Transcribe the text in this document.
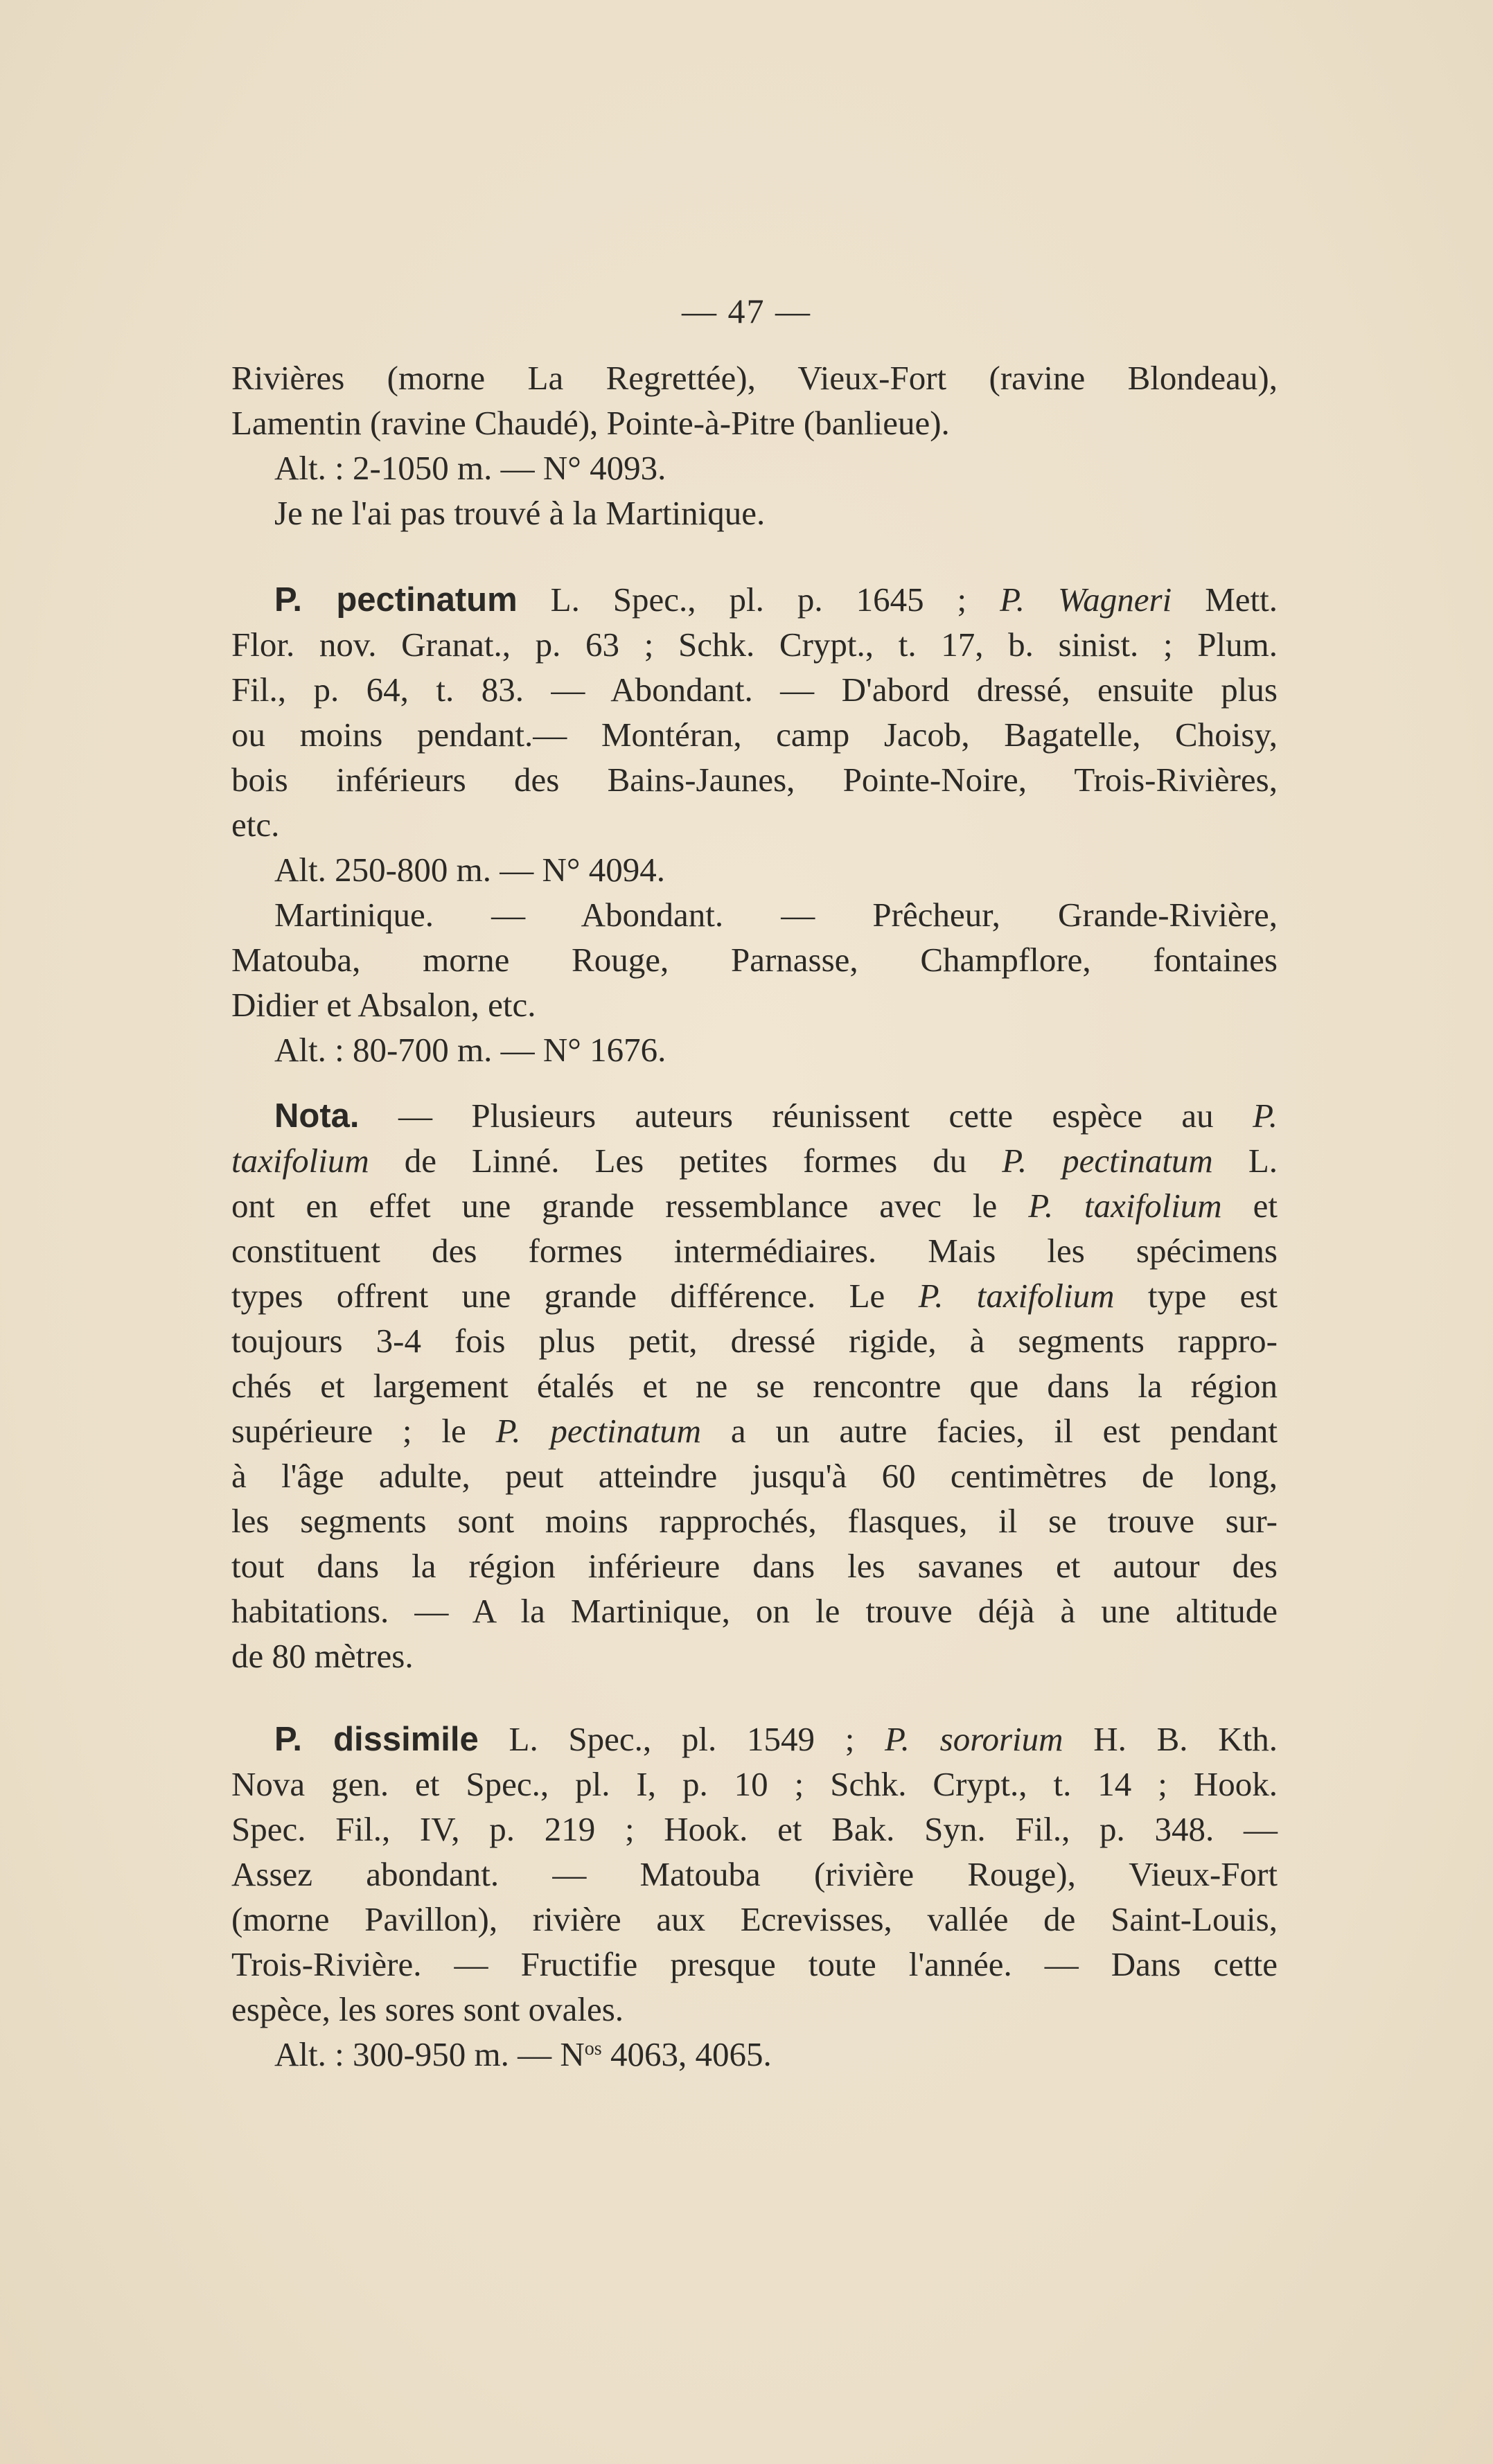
— 47 —
Rivières (morne La Regrettée), Vieux-Fort (ravine Blondeau),
Lamentin (ravine Chaudé), Pointe-à-Pitre (banlieue).
Alt. : 2-1050 m. — N° 4093.
Je ne l'ai pas trouvé à la Martinique.
P. pectinatum L. Spec., pl. p. 1645 ; P. Wagneri Mett.
Flor. nov. Granat., p. 63 ; Schk. Crypt., t. 17, b. sinist. ; Plum.
Fil., p. 64, t. 83. — Abondant. — D'abord dressé, ensuite plus
ou moins pendant.— Montéran, camp Jacob, Bagatelle, Choisy,
bois inférieurs des Bains-Jaunes, Pointe-Noire, Trois-Rivières,
etc.
Alt. 250-800 m. — N° 4094.
Martinique. — Abondant. — Prêcheur, Grande-Rivière,
Matouba, morne Rouge, Parnasse, Champflore, fontaines
Didier et Absalon, etc.
Alt. : 80-700 m. — N° 1676.
Nota. — Plusieurs auteurs réunissent cette espèce au P.
taxifolium de Linné. Les petites formes du P. pectinatum L.
ont en effet une grande ressemblance avec le P. taxifolium et
constituent des formes intermédiaires. Mais les spécimens
types offrent une grande différence. Le P. taxifolium type est
toujours 3-4 fois plus petit, dressé rigide, à segments rappro-
chés et largement étalés et ne se rencontre que dans la région
supérieure ; le P. pectinatum a un autre facies, il est pendant
à l'âge adulte, peut atteindre jusqu'à 60 centimètres de long,
les segments sont moins rapprochés, flasques, il se trouve sur-
tout dans la région inférieure dans les savanes et autour des
habitations. — A la Martinique, on le trouve déjà à une altitude
de 80 mètres.
P. dissimile L. Spec., pl. 1549 ; P. sororium H. B. Kth.
Nova gen. et Spec., pl. I, p. 10 ; Schk. Crypt., t. 14 ; Hook.
Spec. Fil., IV, p. 219 ; Hook. et Bak. Syn. Fil., p. 348. —
Assez abondant. — Matouba (rivière Rouge), Vieux-Fort
(morne Pavillon), rivière aux Ecrevisses, vallée de Saint-Louis,
Trois-Rivière. — Fructifie presque toute l'année. — Dans cette
espèce, les sores sont ovales.
Alt. : 300-950 m. — $N^{os}$ 4063, 4065.
